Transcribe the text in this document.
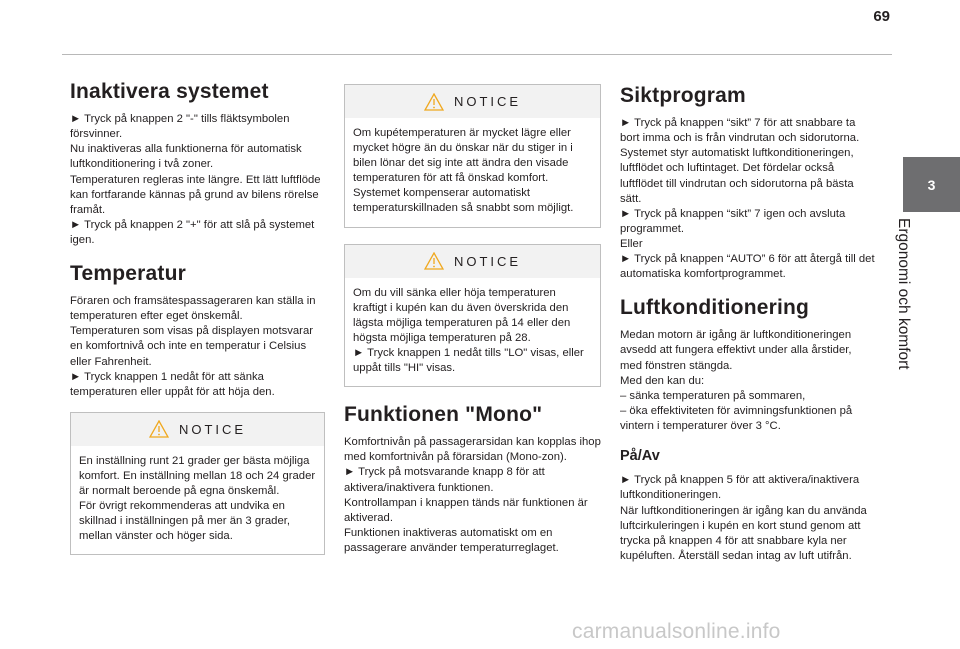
69
3
Ergonomi och komfort
Inaktivera systemet

► Tryck på knappen 2 "-" tills fläktsymbolen försvinner.
Nu inaktiveras alla funktionerna för automatisk luftkonditionering i två zoner.
Temperaturen regleras inte längre. Ett lätt luftflöde kan fortfarande kännas på grund av bilens rörelse framåt.
► Tryck på knappen 2 "+" för att slå på systemet igen.

Temperatur

Föraren och framsätespassageraren kan ställa in temperaturen efter eget önskemål.
Temperaturen som visas på displayen motsvarar en komfortnivå och inte en temperatur i Celsius eller Fahrenheit.
► Tryck knappen 1 nedåt för att sänka temperaturen eller uppåt för att höja den.

NOTICE

En inställning runt 21 grader ger bästa möjliga komfort. En inställning mellan 18 och 24 grader är normalt beroende på egna önskemål.
För övrigt rekommenderas att undvika en skillnad i inställningen på mer än 3 grader, mellan vänster och höger sida.

NOTICE

Om kupétemperaturen är mycket lägre eller mycket högre än du önskar när du stiger in i bilen lönar det sig inte att ändra den visade temperaturen för att få önskad komfort. Systemet kompenserar automatiskt temperaturskillnaden så snabbt som möjligt.

NOTICE

Om du vill sänka eller höja temperaturen kraftigt i kupén kan du även överskrida den lägsta möjliga temperaturen på 14 eller den högsta möjliga temperaturen på 28.
► Tryck knappen 1 nedåt tills "LO" visas, eller uppåt tills "HI" visas.

Funktionen "Mono"

Komfortnivån på passagerarsidan kan kopplas ihop med komfortnivån på förarsidan (Mono-zon).
► Tryck på motsvarande knapp 8 för att aktivera/inaktivera funktionen.
Kontrollampan i knappen tänds när funktionen är aktiverad.
Funktionen inaktiveras automatiskt om en passagerare använder temperaturreglaget.

Siktprogram

► Tryck på knappen “sikt” 7 för att snabbare ta bort imma och is från vindrutan och sidorutorna.
Systemet styr automatiskt luftkonditioneringen, luftflödet och luftintaget. Det fördelar också luftflödet till vindrutan och sidorutorna på bästa sätt.
► Tryck på knappen “sikt” 7 igen och avsluta programmet.
Eller
► Tryck på knappen “AUTO” 6 för att återgå till det automatiska komfortprogrammet.

Luftkonditionering

Medan motorn är igång är luftkonditioneringen avsedd att fungera effektivt under alla årstider, med fönstren stängda.
Med den kan du:
– sänka temperaturen på sommaren,
– öka effektiviteten för avimningsfunktionen på vintern i temperaturer över 3 °C.

På/Av

► Tryck på knappen 5 för att aktivera/inaktivera luftkonditioneringen.
När luftkonditioneringen är igång kan du använda luftcirkuleringen i kupén en kort stund genom att trycka på knappen 4 för att snabbare kyla ner kupéluften. Återställ sedan intag av luft utifrån.

carmanualsonline.info
